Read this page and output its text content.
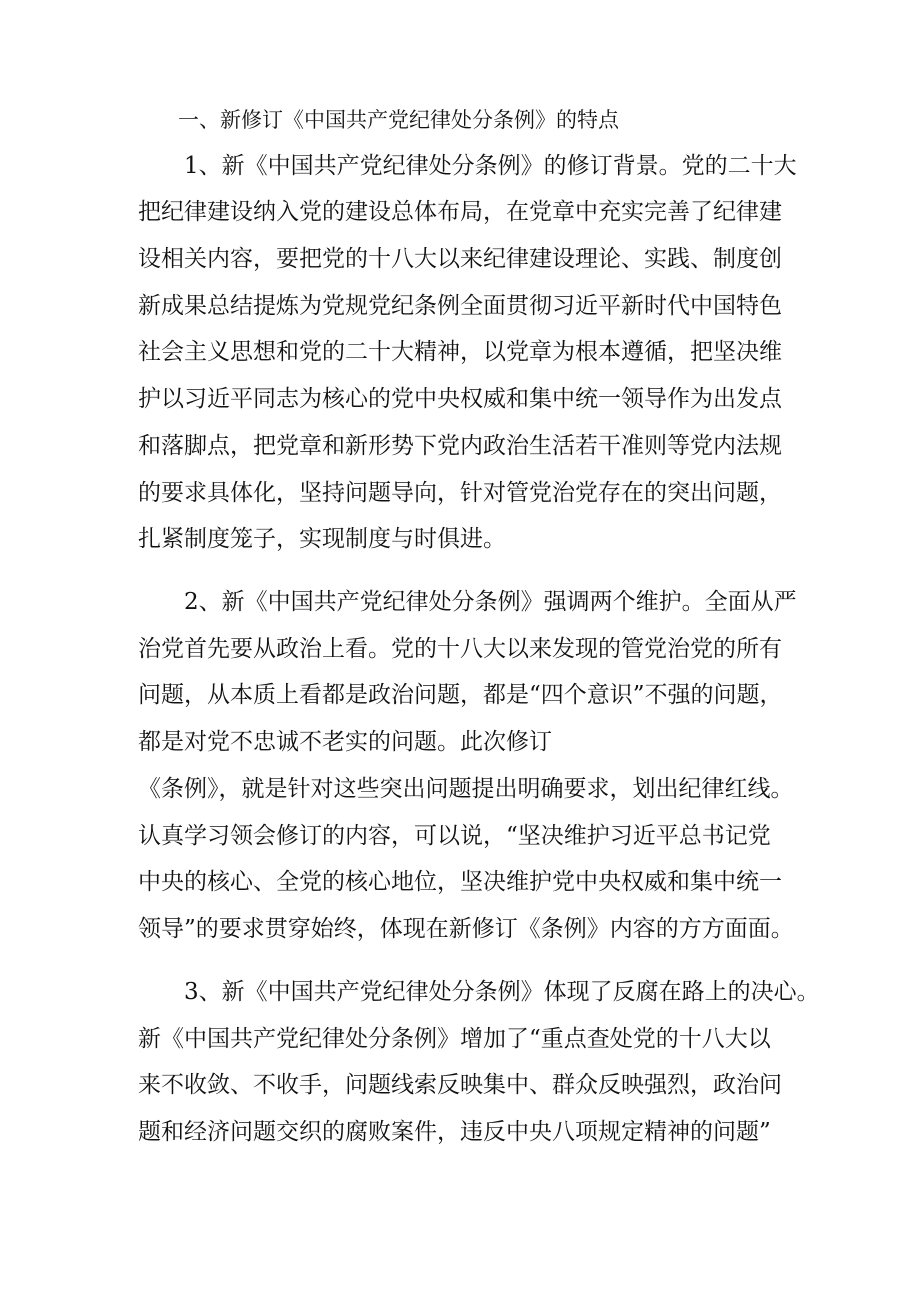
一、新修订《中国共产党纪律处分条例》的特点
1、新《中国共产党纪律处分条例》的修订背景。党的二十大
把纪律建设纳入党的建设总体布局，在党章中充实完善了纪律建
设相关内容，要把党的十八大以来纪律建设理论、实践、制度创
新成果总结提炼为党规党纪条例全面贯彻习近平新时代中国特色
社会主义思想和党的二十大精神，以党章为根本遵循，把坚决维
护以习近平同志为核心的党中央权威和集中统一领导作为出发点
和落脚点，把党章和新形势下党内政治生活若干准则等党内法规
的要求具体化，坚持问题导向，针对管党治党存在的突出问题，
扎紧制度笼子，实现制度与时俱进。
2、新《中国共产党纪律处分条例》强调两个维护。全面从严
治党首先要从政治上看。党的十八大以来发现的管党治党的所有
问题，从本质上看都是政治问题，都是“四个意识”不强的问题，
都是对党不忠诚不老实的问题。此次修订
《条例》，就是针对这些突出问题提出明确要求，划出纪律红线。
认真学习领会修订的内容，可以说，“坚决维护习近平总书记党
中央的核心、全党的核心地位，坚决维护党中央权威和集中统一
领导”的要求贯穿始终，体现在新修订《条例》内容的方方面面。
3、新《中国共产党纪律处分条例》体现了反腐在路上的决心。
新《中国共产党纪律处分条例》增加了“重点查处党的十八大以
来不收敛、不收手，问题线索反映集中、群众反映强烈，政治问
题和经济问题交织的腐败案件，违反中央八项规定精神的问题”
